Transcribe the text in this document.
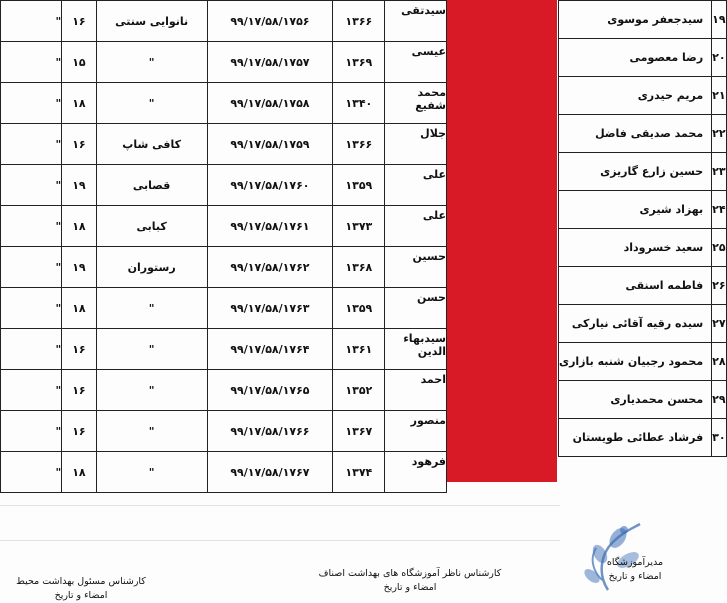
"	۱۶	نانوایی سنتی	۹۹/۱۷/۵۸/۱۷۵۶	۱۳۶۶	سیدتقی
"	۱۵	"	۹۹/۱۷/۵۸/۱۷۵۷	۱۳۶۹	عیسی
"	۱۸	"	۹۹/۱۷/۵۸/۱۷۵۸	۱۳۴۰	محمد شفیع
"	۱۶	کافی شاپ	۹۹/۱۷/۵۸/۱۷۵۹	۱۳۶۶	جلال
"	۱۹	قصابی	۹۹/۱۷/۵۸/۱۷۶۰	۱۳۵۹	علی
"	۱۸	کبابی	۹۹/۱۷/۵۸/۱۷۶۱	۱۳۷۳	علی
"	۱۹	رستوران	۹۹/۱۷/۵۸/۱۷۶۲	۱۳۶۸	حسین
"	۱۸	"	۹۹/۱۷/۵۸/۱۷۶۳	۱۳۵۹	حسن
"	۱۶	"	۹۹/۱۷/۵۸/۱۷۶۴	۱۳۶۱	سیدبهاء الدین
"	۱۶	"	۹۹/۱۷/۵۸/۱۷۶۵	۱۳۵۲	احمد
"	۱۶	"	۹۹/۱۷/۵۸/۱۷۶۶	۱۳۶۷	منصور
"	۱۸	"	۹۹/۱۷/۵۸/۱۷۶۷	۱۳۷۴	فرهود
سیدجعفر موسوی	۱۹
رضا معصومی	۲۰
مریم حیدری	۲۱
محمد صدیقی فاضل	۲۲
حسین زارع گاریزی	۲۳
بهزاد شیری	۲۴
سعید خسروداد	۲۵
فاطمه اسنقی	۲۶
سیده رقیه آقائی نیارکی	۲۷
محمود رجبیان شنبه بازاری	۲۸
محسن محمدیاری	۲۹
فرشاد عطائی طویستان	۳۰
کارشناس مسئول بهداشت محیط
امضاء و تاریخ
کارشناس ناظر آموزشگاه های بهداشت اصناف
امضاء و تاریخ
مدیرآموزشگاه
امضاء و تاریخ
